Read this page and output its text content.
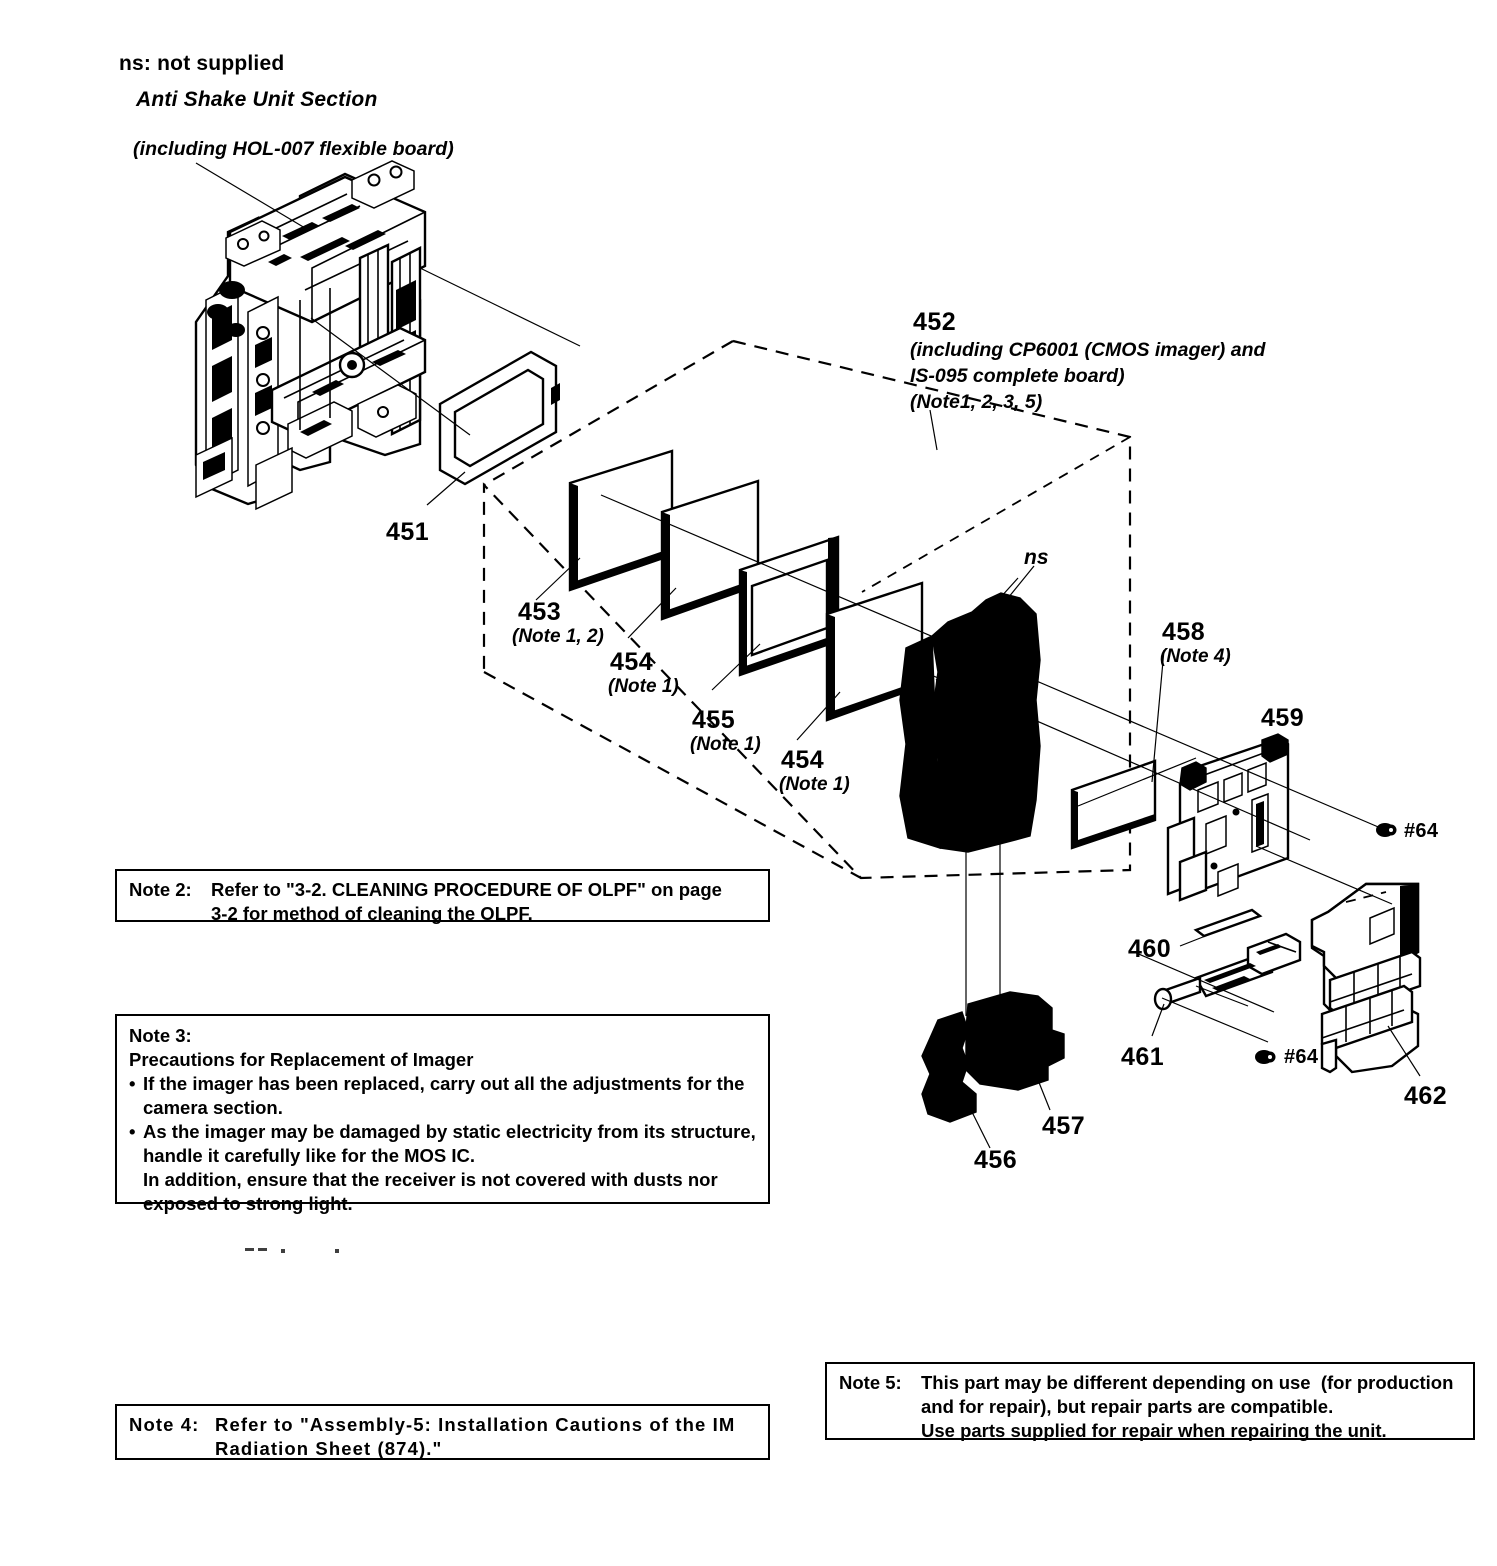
ns: not supplied
Anti Shake Unit Section
(including HOL-007 flexible board)
451
452
(including CP6001 (CMOS imager) and
IS-095 complete board)
(Note1, 2, 3, 5)
ns
453
(Note 1, 2)
454
(Note 1)
455
(Note 1)
454
(Note 1)
458
(Note 4)
459
#64
#64
460
461
462
457
456
Note 2:	Refer to "3-2. CLEANING PROCEDURE OF OLPF" on page
3-2 for method of cleaning the OLPF.
Note 3:
Precautions for Replacement of Imager
• If the imager has been replaced, carry out all the adjustments for the
camera section.
• As the imager may be damaged by static electricity from its structure,
handle it carefully like for the MOS IC.
In addition, ensure that the receiver is not covered with dusts nor
exposed to strong light.
Note 4: Refer to "Assembly-5: Installation Cautions of the IM
Radiation Sheet (874)."
Note 5:	This part may be different depending on use  (for production
and for repair), but repair parts are compatible.
Use parts supplied for repair when repairing the unit.
